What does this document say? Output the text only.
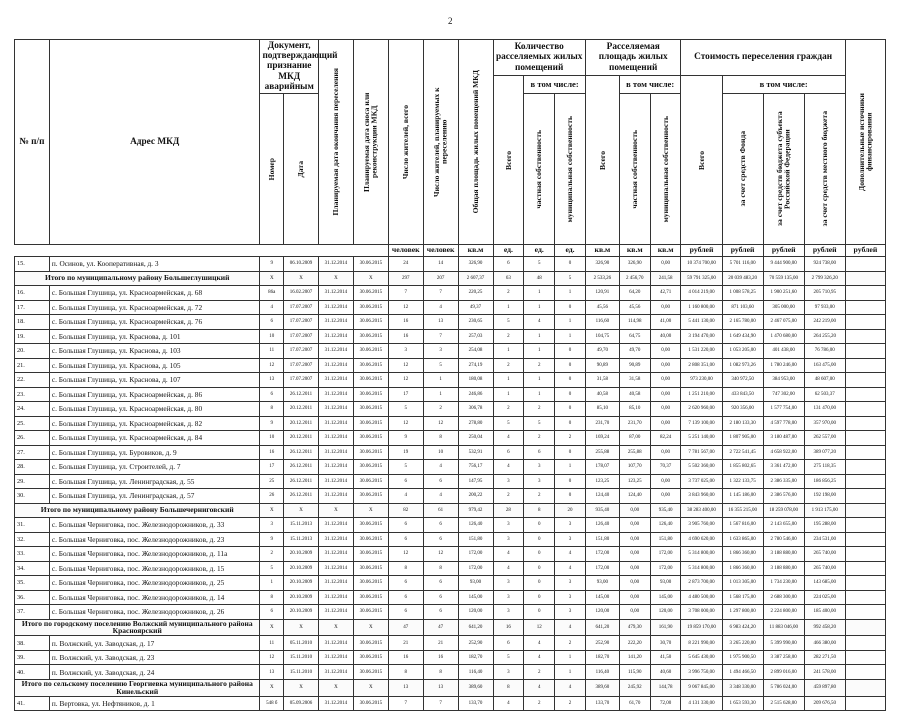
2
№ п/п	Адрес МКД	Документ, подтверждающий признание МКД аварийным		Планируемая дата окончания переселения	Планируемая дата сноса или реконструкции МКД	Число жителей, всего	Число жителей, планируемых к переселению	Общая площадь жилых помещений МКД	Количество расселяемых жилых помещений			Расселяемая площадь жилых помещений			Стоимость переселения граждан				Дополнительные источники финансирования

									Всего	в том числе:		Всего	в том числе:		Всего	в том числе:			

		Номер	Дата							частная собственность	муниципальная собственность		частная собственность	муниципальная собственность		за счет средств Фонда	за счет средств бюджета субъекта Российской Федерации	за счет средств местного бюджета	

						человек	человек	кв.м	ед.	ед.	ед.	кв.м	кв.м	кв.м	рублей	рублей	рублей	рублей	рублей
15.	п. Осинов, ул. Кооперативная, д. 3	9	06.10.2009	31.12.2014	30.06.2015	24	14	326,90	6	5	0	326,90	326,90	0,00	10 374 700,00	5 701 116,00	9 444 900,00	924 738,00	
Итого по муниципальному району Большеглушицкий		X	X	X	X	297	207	2 607,37	63	48	5	2 533,26	2 456,70	241,58	59 791 325,00	20 039 483,20	70 559 135,00	2 799 326,20	
16.	с. Большая Глушица, ул. Красноармейская, д. 68	86а	16.02.2007	31.12.2014	30.06.2015	7	7	220,25	2	1	1	120,91	64,20	42,71	4 014 219,00	1 008 578,25	1 900 251,60	205 710,95	
17.	с. Большая Глушица, ул. Красноармейская, д. 72	4	17.07.2007	31.12.2014	30.06.2015	12	4	49,37	1	1	0	45,56	45,56	0,00	1 160 800,00	871 103,60	305 000,00	97 933,00	
18.	с. Большая Глушица, ул. Красноармейская, д. 76	6	17.07.2007	31.12.2014	30.06.2015	16	13	230,65	5	4	1	116,60	114,98	41,00	5 441 130,00	2 165 780,00	2 467 075,00	242 219,00	
19.	с. Большая Глушица, ул. Краснова, д. 101	10	17.07.2007	31.12.2014	30.06.2015	16	7	257,03	2	1	1	104,75	64,75	40,00	3 194 470,00	1 649 434,90	1 470 680,00	264 255,20	
20.	с. Большая Глушица, ул. Краснова, д. 103	11	17.07.2007	31.12.2014	30.06.2015	3	3	254,08	1	1	0	49,70	49,70	0,00	1 531 220,00	1 053 205,00	401 438,00	76 786,00	
21.	с. Большая Глушица, ул. Краснова, д. 105	12	17.07.2007	31.12.2014	30.06.2015	12	5	274,19	2	2	0	90,89	90,89	0,00	2 808 351,00	1 082 973,26	1 780 246,00	163 475,00	
22.	с. Большая Глушица, ул. Краснова, д. 107	13	17.07.2007	31.12.2014	30.06.2015	12	1	180,08	1	1	0	31,58	31,58	0,00	973 230,00	340 972,50	384 953,00	48 607,00	
23.	с. Большая Глушица, ул. Красноармейская, д. 86	6	26.12.2011	31.12.2014	30.06.2015	17	1	246,86	1	1	0	40,58	40,58	0,00	1 251 210,00	433 843,50	747 302,00	62 503,37	
24.	с. Большая Глушица, ул. Красноармейская, д. 80	8	20.12.2011	31.12.2014	30.06.2015	5	2	306,78	2	2	0	85,10	85,10	0,00	2 620 960,00	920 356,00	1 577 754,00	131 470,00	
25.	с. Большая Глушица, ул. Красноармейская, д. 82	9	20.12.2011	31.12.2014	30.06.2015	12	12	278,80	5	5	0	231,70	231,70	0,00	7 139 100,00	2 180 133,30	4 597 778,00	357 970,00	
26.	с. Большая Глушица, ул. Красноармейская, д. 84	10	20.12.2011	31.12.2014	30.06.2015	9	8	250,04	4	2	2	169,24	87,00	82,24	5 251 140,00	1 807 905,00	3 180 487,00	262 557,00	
27.	с. Большая Глушица, ул. Буровиков, д. 9	16	26.12.2011	31.12.2014	30.06.2015	19	10	532,91	6	6	0	255,88	255,88	0,00	7 781 567,00	2 722 541,45	4 658 922,00	389 077,20	
28.	с. Большая Глушица, ул. Строителей, д. 7	17	26.12.2011	31.12.2014	30.06.2015	5	4	756,17	4	3	1	178,07	107,70	70,37	5 502 360,00	1 855 802,65	3 361 472,00	275 118,35	
29.	с. Большая Глушица, ул. Ленинградская, д. 55	25	26.12.2011	31.12.2014	30.06.2015	6	6	147,95	3	3	0	123,25	123,25	0,00	3 737 025,00	1 322 133,75	2 386 335,00	186 856,25	
30.	с. Большая Глушица, ул. Ленинградская, д. 57	26	26.12.2011	31.12.2014	30.06.2015	4	4	200,22	2	2	0	124,40	124,40	0,00	3 843 960,00	1 145 186,00	2 386 576,00	192 198,00	
Итого по муниципальному району Большечерниговский		X	X	X	X	82	61	979,42	28	8	20	935,40	0,00	935,40	38 283 400,00	16 355 215,00	18 259 078,00	1 913 175,00	
31.	с. Большая Черниговка, пос. Железнодорожников, д. 33	3	15.11.2013	31.12.2014	30.06.2015	6	6	126,40	3	0	3	126,40	0,00	126,40	3 905 760,00	1 567 816,00	2 143 655,00	195 288,00	
32.	с. Большая Черниговка, пос. Железнодорожников, д. 23	9	15.11.2013	31.12.2014	30.06.2015	6	6	151,80	3	0	3	151,80	0,00	151,80	4 690 620,00	1 633 865,00	2 780 546,00	234 531,00	
33.	с. Большая Черниговка, пос. Железнодорожников, д. 11а	2	20.10.2009	31.12.2014	30.06.2015	12	12	172,00	4	0	4	172,00	0,00	172,00	5 314 800,00	1 866 360,00	3 188 880,00	265 740,00	
34.	с. Большая Черниговка, пос. Железнодорожников, д. 15	5	20.10.2009	31.12.2014	30.06.2015	8	8	172,00	4	0	4	172,00	0,00	172,00	5 314 800,00	1 866 360,00	3 188 880,00	265 740,00	
35.	с. Большая Черниговка, пос. Железнодорожников, д. 25	1	20.10.2009	31.12.2014	30.06.2015	6	6	93,00	3	0	3	93,00	0,00	93,00	2 873 700,00	1 013 305,00	1 734 230,00	143 685,00	
36.	с. Большая Черниговка, пос. Железнодорожников, д. 14	8	20.10.2009	31.12.2014	30.06.2015	6	6	145,00	3	0	3	145,00	0,00	145,00	4 480 500,00	1 568 175,00	2 688 300,00	224 025,00	
37.	с. Большая Черниговка, пос. Железнодорожников, д. 26	6	20.10.2009	31.12.2014	30.06.2015	6	6	120,00	3	0	3	120,00	0,00	120,00	3 708 000,00	1 297 800,00	2 224 800,00	185 400,00	
Итого по городскому поселению Волжский муниципального района Красноярский		X	X	X	X	47	47	641,20	16	12	4	641,20	479,30	161,90	19 859 170,00	6 983 424,20	11 883 046,00	992 458,20	
38.	п. Волжский, ул. Заводская, д. 17	11	05.11.2010	31.12.2014	30.06.2015	21	21	252,90	6	4	2	252,90	222,20	30,70	8 221 990,00	3 265 220,00	5 399 990,00	466 380,00	
39.	п. Волжский, ул. Заводская, д. 23	12	15.11.2010	31.12.2014	30.06.2015	16	16	182,70	5	4	1	182,70	141,20	41,50	5 645 430,00	1 975 900,50	3 387 258,00	282 271,50	
40.	п. Волжский, ул. Заводская, д. 24	13	15.11.2010	31.12.2014	30.06.2015	8	8	116,40	3	2	1	116,40	115,90	40,60	3 996 750,00	1 494 466,50	2 899 016,00	241 578,00	
Итого по сельскому поселению Георгиевка муниципального района Кинельский		X	X	X	X	13	13	389,60	8	4	4	389,60	245,92	144,78	9 067 845,00	3 348 330,00	5 786 024,00	459 897,80	
41.	п. Вертовка, ул. Нефтяников, д. 1	548 б	05.09.2006	31.12.2014	30.06.2015	7	7	133,70	4	2	2	133,70	61,70	72,00	4 131 330,00	1 653 593,30	2 515 628,00	209 676,50	
